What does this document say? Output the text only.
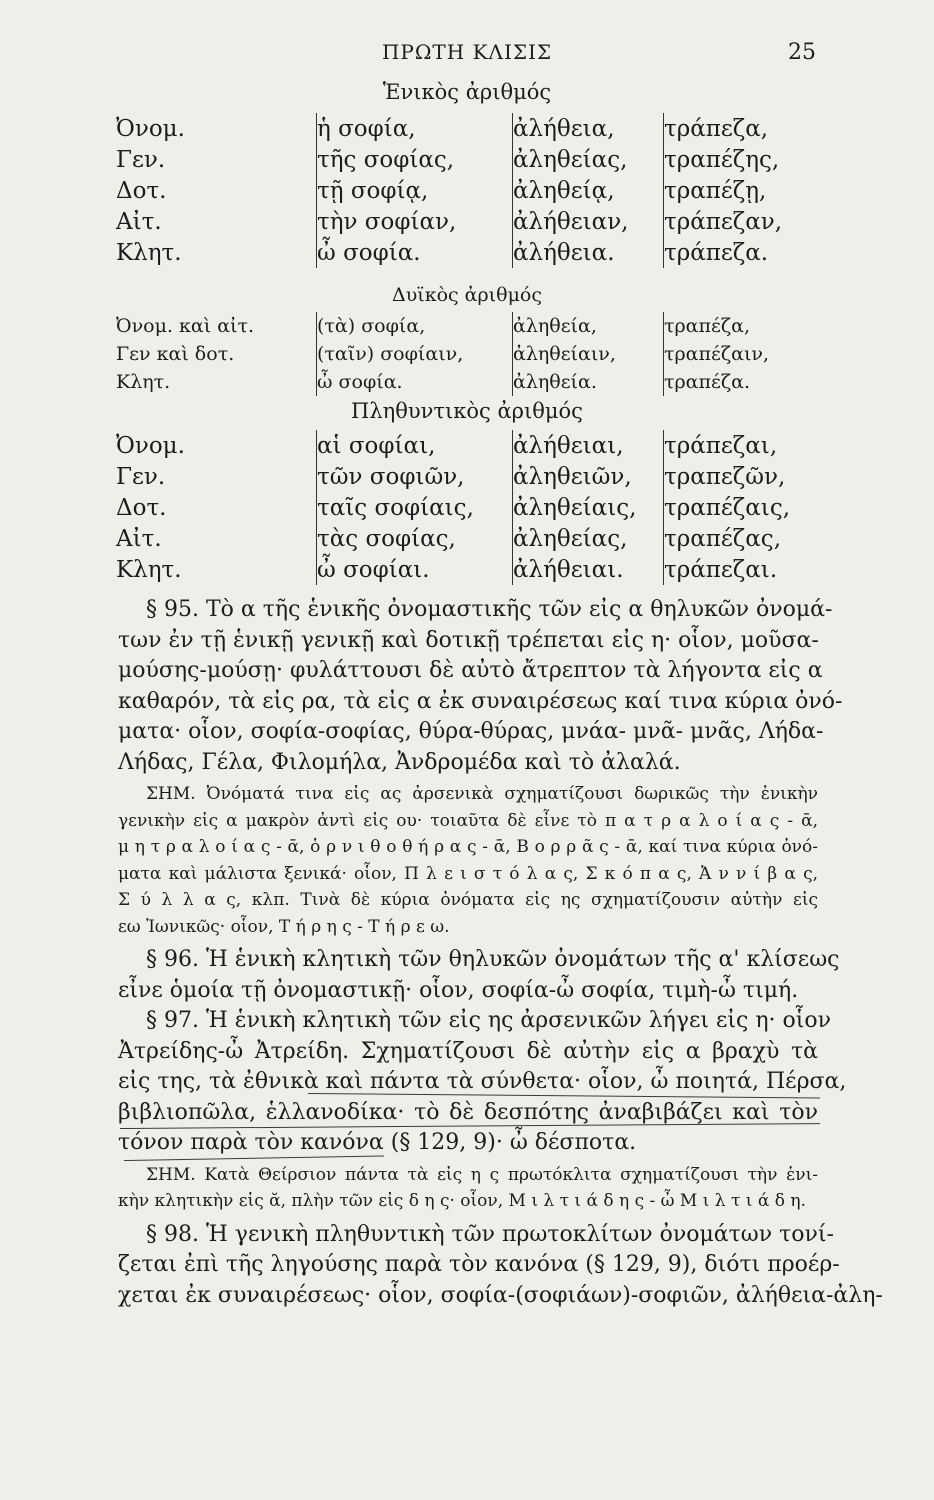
ΠΡΩΤΗ ΚΛΙΣΙΣ	25
Ἑνικὸς ἀριθμός
Ὀνομ.	ἡ σοφία,	ἀλήθεια,	τράπεζα,
Γεν.	τῆς σοφίας,	ἀληθείας,	τραπέζης,
Δοτ.	τῇ σοφίᾳ,	ἀληθείᾳ,	τραπέζῃ,
Αἰτ.	τὴν σοφίαν,	ἀλήθειαν,	τράπεζαν,
Κλητ.	ὦ σοφία.	ἀλήθεια.	τράπεζα.
Δυϊκὸς ἀριθμός
Ὀνομ. καὶ αἰτ.	(τὰ) σοφία,	ἀληθεία,	τραπέζα,
Γεν καὶ δοτ.	(ταῖν) σοφίαιν,	ἀληθείαιν,	τραπέζαιν,
Κλητ.	ὦ σοφία.	ἀληθεία.	τραπέζα.
Πληθυντικὸς ἀριθμός
Ὀνομ.	αἱ σοφίαι,	ἀλήθειαι,	τράπεζαι,
Γεν.	τῶν σοφιῶν,	ἀληθειῶν,	τραπεζῶν,
Δοτ.	ταῖς σοφίαις,	ἀληθείαις,	τραπέζαις,
Αἰτ.	τὰς σοφίας,	ἀληθείας,	τραπέζας,
Κλητ.	ὦ σοφίαι.	ἀλήθειαι.	τράπεζαι.
§ 95. Τὸ α τῆς ἑνικῆς ὀνομαστικῆς τῶν εἰς α θηλυκῶν ὀνομά-
των ἐν τῇ ἑνικῇ γενικῇ καὶ δοτικῇ τρέπεται εἰς η· οἷον, μοῦσα-
μούσης-μούσῃ· φυλάττουσι δὲ αὐτὸ ἄτρεπτον τὰ λήγοντα εἰς α
καθαρόν, τὰ εἰς ρα, τὰ εἰς α ἐκ συναιρέσεως καί τινα κύρια ὀνό-
ματα· οἷον, σοφία-σοφίας, θύρα-θύρας, μνάα- μνᾶ- μνᾶς, Λήδα-
Λήδας, Γέλα, Φιλομήλα, Ἀνδρομέδα καὶ τὸ ἀλαλά.
ΣΗΜ. Ὀνόματά τινα εἰς ας ἀρσενικὰ σχηματίζουσι δωρικῶς τὴν ἑνικὴν
γενικὴν εἰς α μακρὸν ἀντὶ εἰς ου· τοιαῦτα δὲ εἶνε τὸ π α τ ρ α λ ο ί α ς - ᾱ,
μ η τ ρ α λ ο ί α ς - ᾱ, ὁ ρ ν ι θ ο θ ή ρ α ς - ᾱ, Β ο ρ ρ ᾶ ς - ᾱ, καί τινα κύρια ὀνό-
ματα καὶ μάλιστα ξενικά· οἷον, Π λ ε ι σ τ ό λ α ς, Σ κ ό π α ς, Ἀ ν ν ί β α ς,
Σ ύ λ λ α ς, κλπ. Τινὰ δὲ κύρια ὀνόματα εἰς ης σχηματίζουσιν αὐτὴν εἰς
εω Ἰωνικῶς· οἷον, Τ ή ρ η ς - Τ ή ρ ε ω.
§ 96. Ἡ ἑνικὴ κλητικὴ τῶν θηλυκῶν ὀνομάτων τῆς α' κλίσεως
εἶνε ὁμοία τῇ ὀνομαστικῇ· οἷον, σοφία-ὦ σοφία, τιμὴ-ὦ τιμή.
§ 97. Ἡ ἑνικὴ κλητικὴ τῶν εἰς ης ἀρσενικῶν λήγει εἰς η· οἷον
Ἀτρείδης-ὦ Ἀτρείδη. Σχηματίζουσι δὲ αὐτὴν εἰς α βραχὺ τὰ
εἰς της, τὰ ἐθνικὰ καὶ πάντα τὰ σύνθετα· οἷον, ὦ ποιητά, Πέρσα,
βιβλιοπῶλα, ἑλλανοδίκα· τὸ δὲ δεσπότης ἀναβιβάζει καὶ τὸν
τόνον παρὰ τὸν κανόνα (§ 129, 9)· ὦ δέσποτα.
ΣΗΜ. Κατὰ Θείρσιον πάντα τὰ εἰς η ς πρωτόκλιτα σχηματίζουσι τὴν ἑνι-
κὴν κλητικὴν εἰς ᾰ, πλὴν τῶν εἰς δ η ς· οἷον, Μ ι λ τ ι ά δ η ς - ὦ Μ ι λ τ ι ά δ η.
§ 98. Ἡ γενικὴ πληθυντικὴ τῶν πρωτοκλίτων ὀνομάτων τονί-
ζεται ἐπὶ τῆς ληγούσης παρὰ τὸν κανόνα (§ 129, 9), διότι προέρ-
χεται ἐκ συναιρέσεως· οἷον, σοφία-(σοφιάων)-σοφιῶν, ἀλήθεια-ἀλη-
